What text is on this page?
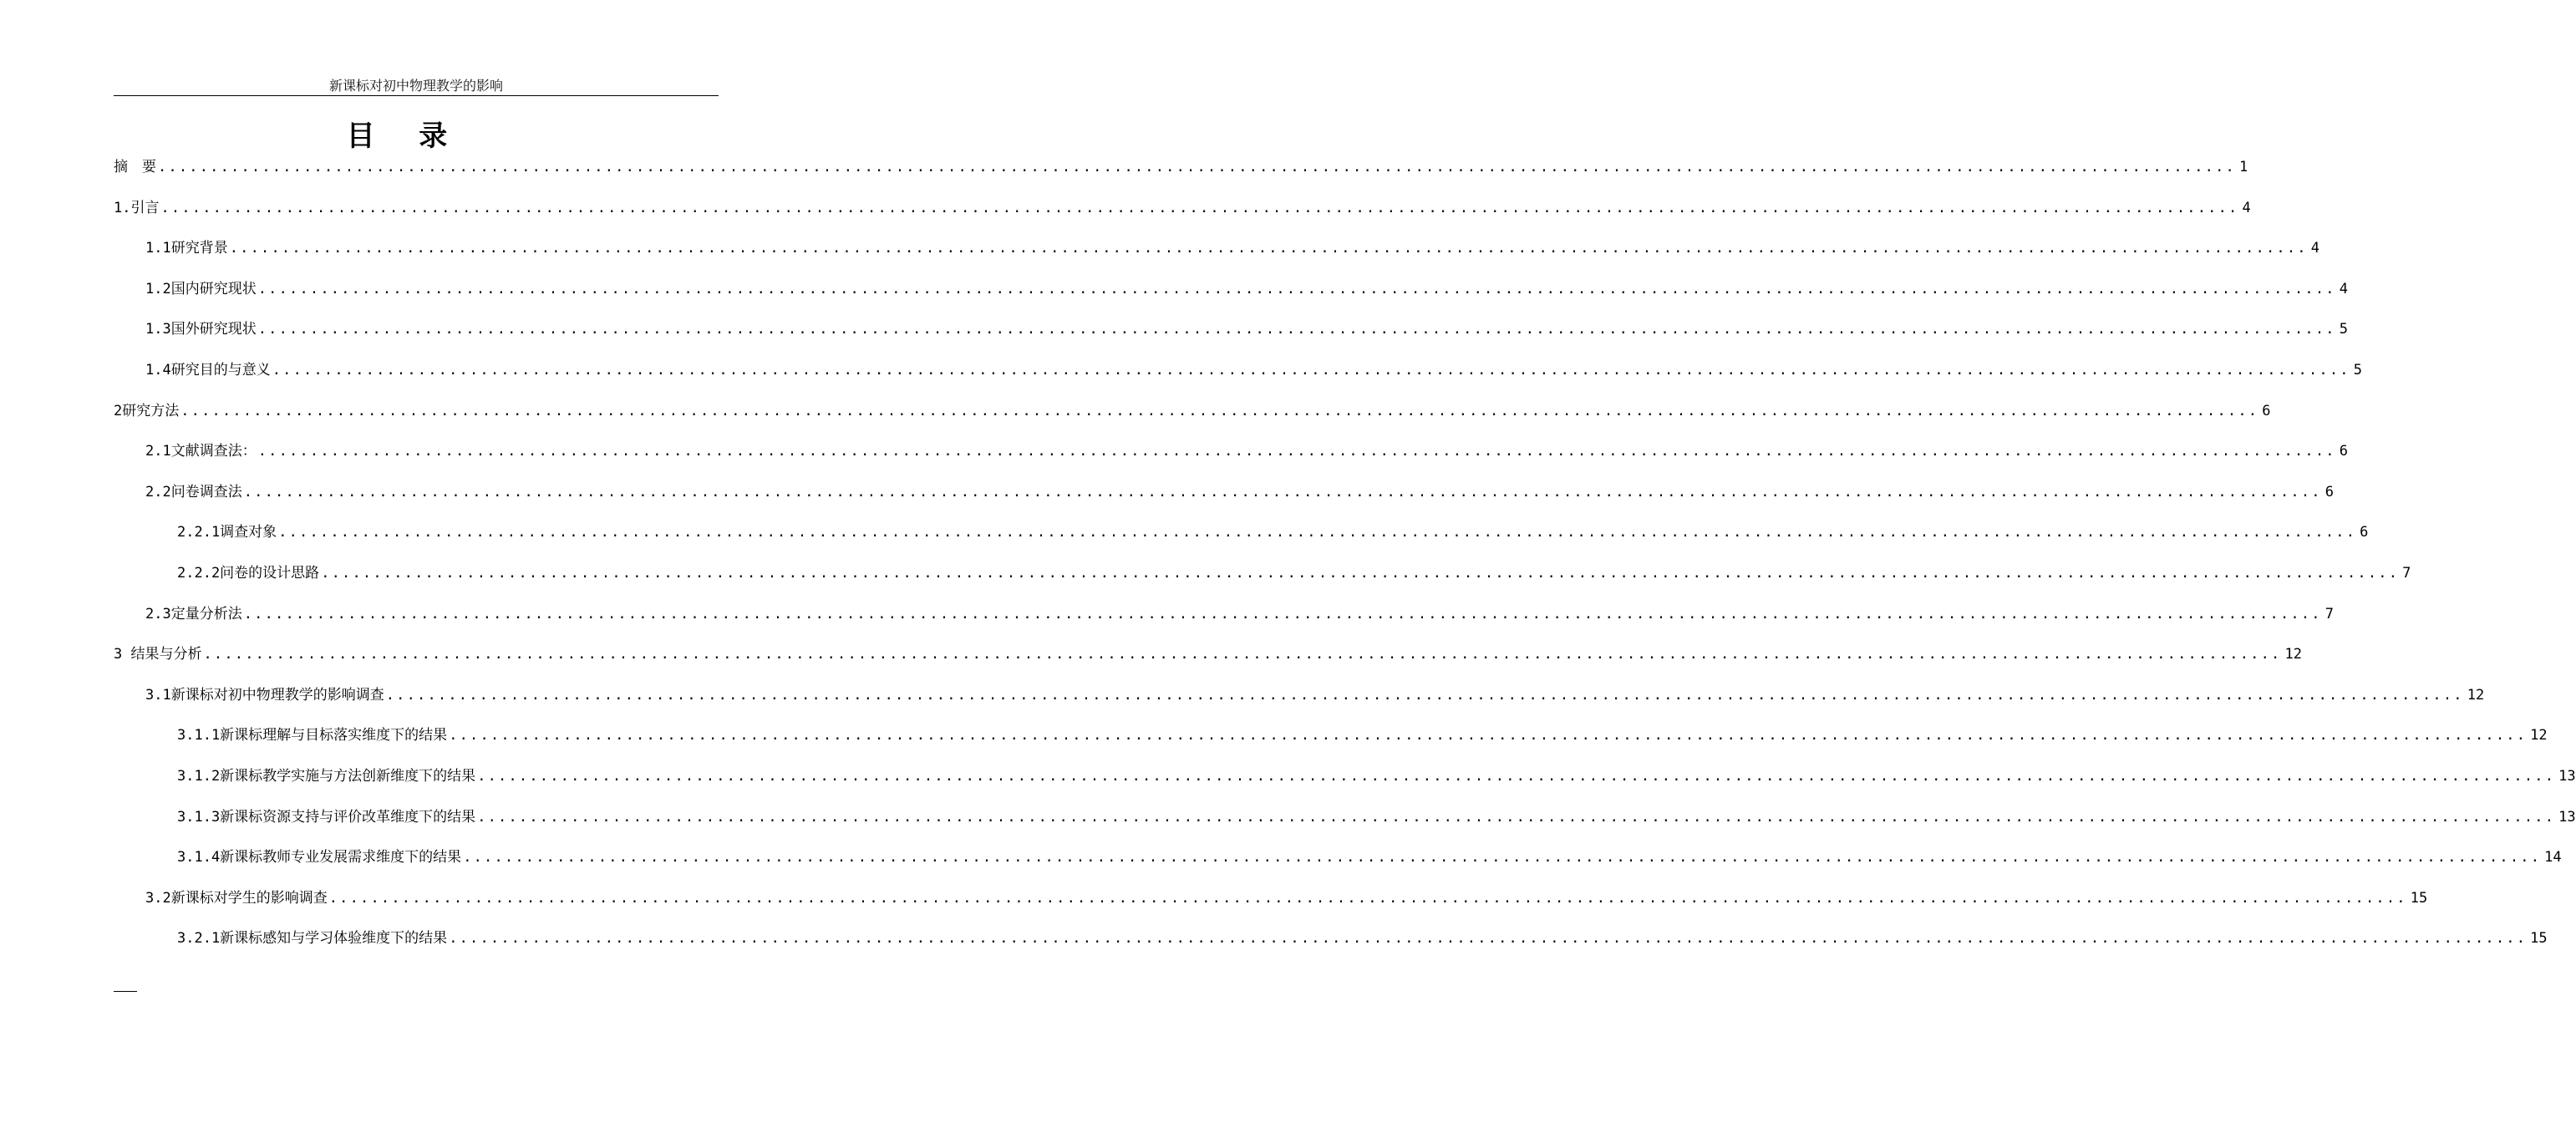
新课标对初中物理教学的影响
目 录
摘　要 ........................................................................................................................................................................................................ 1
1.引言 ........................................................................................................................................................................................................ 4
1.1研究背景 ........................................................................................................................................................................................................ 4
1.2国内研究现状 ........................................................................................................................................................................................................ 4
1.3国外研究现状 ........................................................................................................................................................................................................ 5
1.4研究目的与意义 ........................................................................................................................................................................................................ 5
2研究方法 ........................................................................................................................................................................................................ 6
2.1文献调查法： ........................................................................................................................................................................................................ 6
2.2问卷调查法 ........................................................................................................................................................................................................ 6
2.2.1调查对象 ........................................................................................................................................................................................................ 6
2.2.2问卷的设计思路 ........................................................................................................................................................................................................ 7
2.3定量分析法 ........................................................................................................................................................................................................ 7
3 结果与分析 ........................................................................................................................................................................................................ 12
3.1新课标对初中物理教学的影响调查 ........................................................................................................................................................................................................ 12
3.1.1新课标理解与目标落实维度下的结果 ........................................................................................................................................................................................................ 12
3.1.2新课标教学实施与方法创新维度下的结果 ........................................................................................................................................................................................................ 13
3.1.3新课标资源支持与评价改革维度下的结果 ........................................................................................................................................................................................................ 13
3.1.4新课标教师专业发展需求维度下的结果 ........................................................................................................................................................................................................ 14
3.2新课标对学生的影响调查 ........................................................................................................................................................................................................ 15
3.2.1新课标感知与学习体验维度下的结果 ........................................................................................................................................................................................................ 15
